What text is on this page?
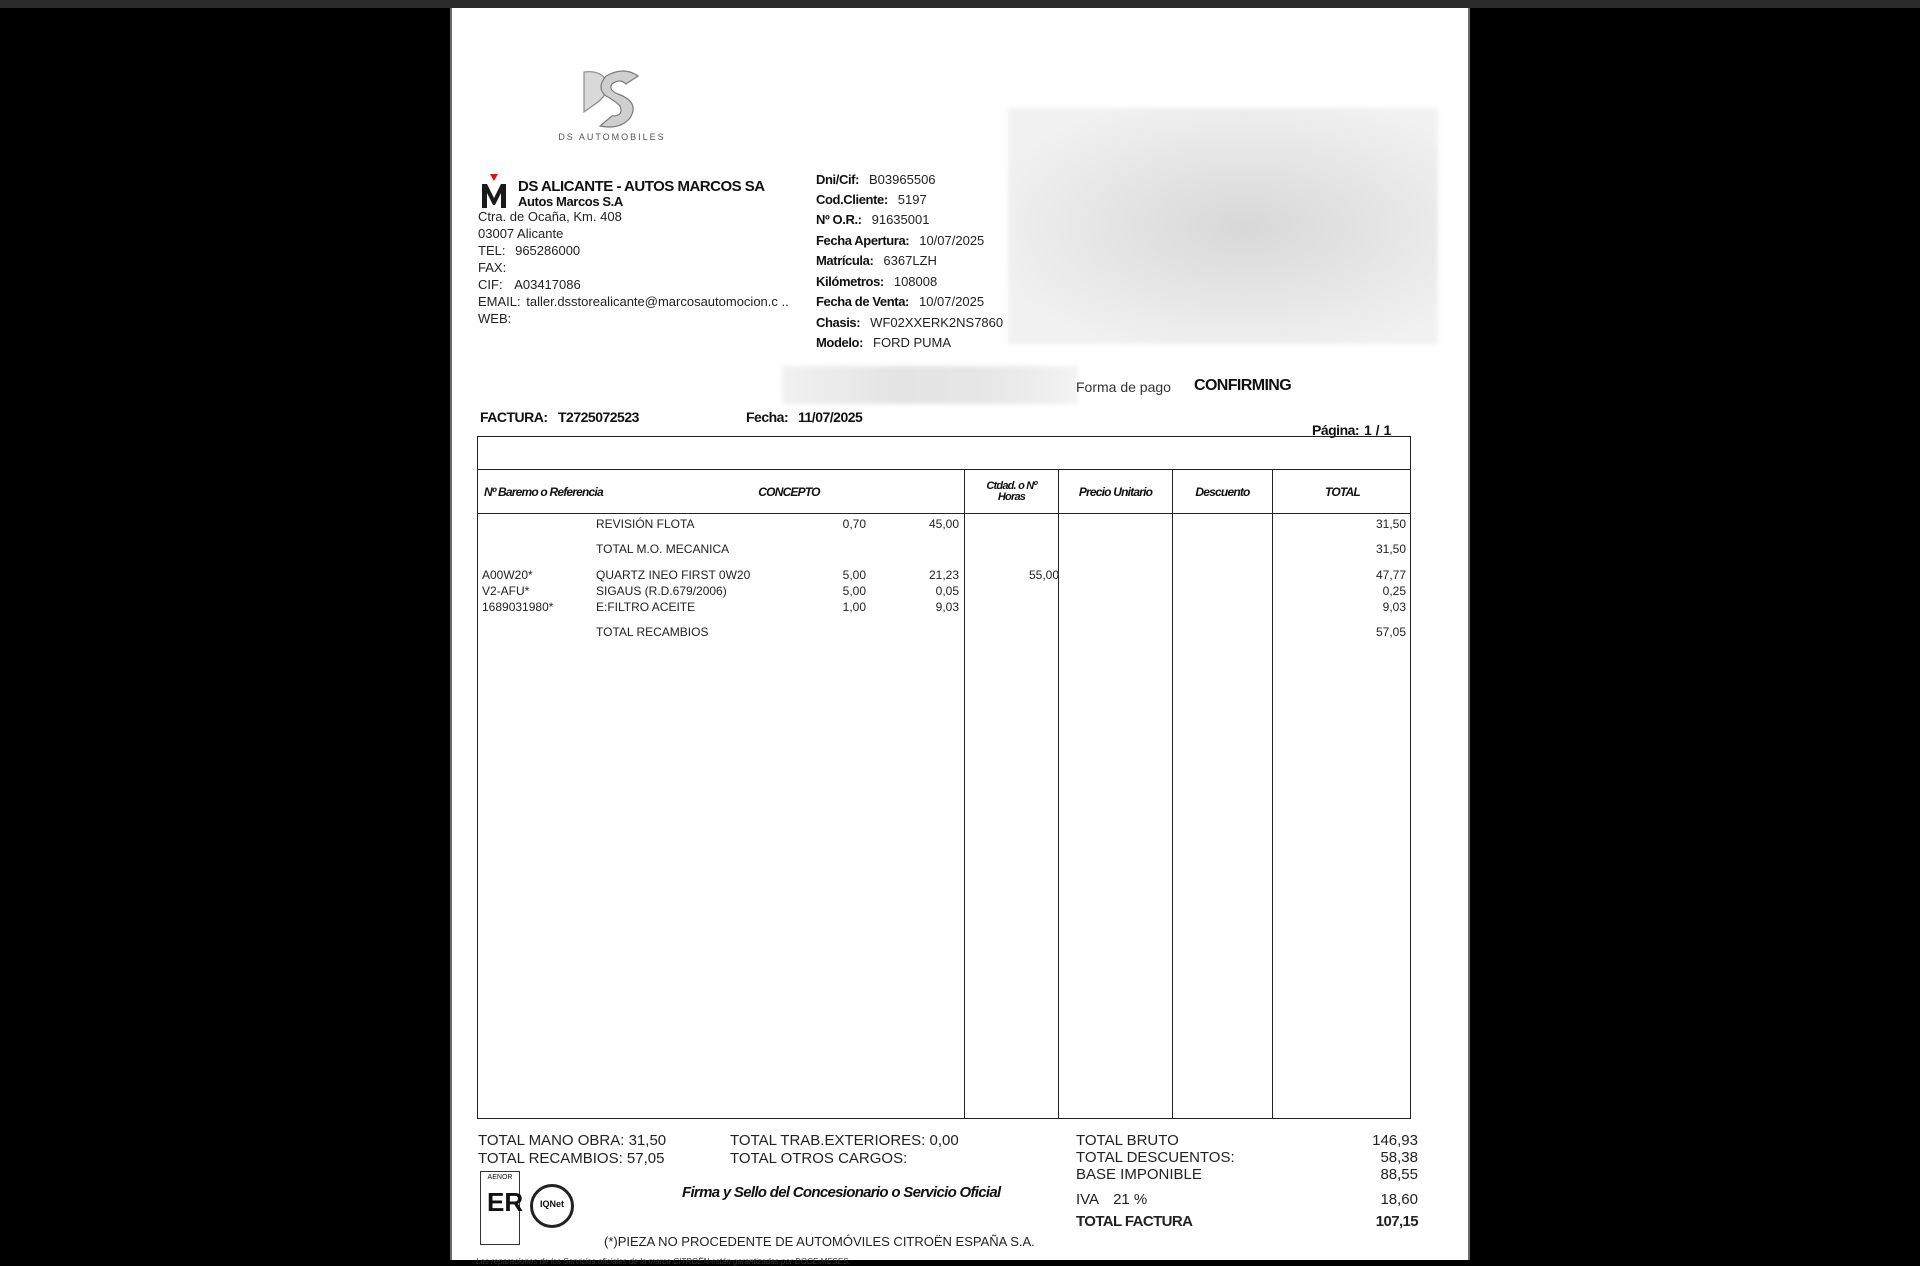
DS AUTOMOBILES
DS ALICANTE - AUTOS MARCOS SA
Autos Marcos S.A
Ctra. de Ocaña, Km. 408
03007 Alicante
TEL: 965286000
FAX:
CIF: A03417086
EMAIL: taller.dsstorealicante@marcosautomocion.c ..
WEB:
Dni/Cif: B03965506
Cod.Cliente: 5197
Nº O.R.: 91635001
Fecha Apertura: 10/07/2025
Matrícula: 6367LZH
Kilómetros: 108008
Fecha de Venta: 10/07/2025
Chasis: WF02XXERK2NS7860
Modelo: FORD PUMA
Forma de pago CONFIRMING
FACTURA: T2725072523	Fecha: 11/07/2025
Página: 1 / 1
Nº Baremo o Referencia	CONCEPTO	Ctdad. o Nº
Horas	Precio Unitario	Descuento	TOTAL
REVISIÓN FLOTA	0,70	45,00	31,50
TOTAL M.O. MECANICA	31,50
A00W20*	QUARTZ INEO FIRST 0W20	5,00	21,23	55,00	47,77
V2-AFU*	SIGAUS (R.D.679/2006)	5,00	0,05	0,25
1689031980*	E:FILTRO ACEITE	1,00	9,03	9,03
TOTAL RECAMBIOS	57,05
TOTAL MANO OBRA: 31,50
TOTAL RECAMBIOS: 57,05
TOTAL TRAB.EXTERIORES: 0,00
TOTAL OTROS CARGOS:
TOTAL BRUTO	146,93
TOTAL DESCUENTOS:	58,38
BASE IMPONIBLE	88,55
IVA 21 %	18,60
TOTAL FACTURA	107,15
AENOR
ER	IQNet
Firma y Sello del Concesionario o Servicio Oficial
(*)PIEZA NO PROCEDENTE DE AUTOMÓVILES CITROËN ESPAÑA S.A.
Las reparaciones de los Servicios oficiales de la marca CITROËN están garantizadas por DOCE MESES.
